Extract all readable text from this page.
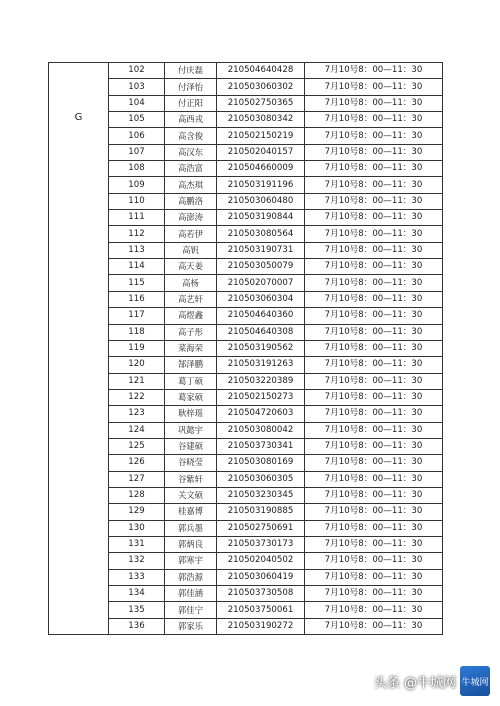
G	102	付庆磊	210504640428	7月10号8：00—11：30
	103	付泽怡	210503060302	7月10号8：00—11：30
	104	付正阳	210502750365	7月10号8：00—11：30
	105	高西戎	210503080342	7月10号8：00—11：30
	106	高含俊	210502150219	7月10号8：00—11：30
	107	高汉东	210502040157	7月10号8：00—11：30
	108	高浩富	210504660009	7月10号8：00—11：30
	109	高杰琪	210503191196	7月10号8：00—11：30
	110	高鹏洛	210503060480	7月10号8：00—11：30
	111	高澎涛	210503190844	7月10号8：00—11：30
	112	高若伊	210503080564	7月10号8：00—11：30
	113	高钒	210503190731	7月10号8：00—11：30
	114	高天姜	210503050079	7月10号8：00—11：30
	115	高杨	210502070007	7月10号8：00—11：30
	116	高艺轩	210503060304	7月10号8：00—11：30
	117	高煜鑫	210504640360	7月10号8：00—11：30
	118	高子彤	210504640308	7月10号8：00—11：30
	119	菜海荣	210503190562	7月10号8：00—11：30
	120	郜泽鹏	210503191263	7月10号8：00—11：30
	121	葛丁硕	210503220389	7月10号8：00—11：30
	122	葛家硕	210502150273	7月10号8：00—11：30
	123	耿梓瑶	210504720603	7月10号8：00—11：30
	124	巩懿宇	210503080042	7月10号8：00—11：30
	125	谷建硕	210503730341	7月10号8：00—11：30
	126	谷晓莹	210503080169	7月10号8：00—11：30
	127	谷紫轩	210503060305	7月10号8：00—11：30
	128	关文硕	210503230345	7月10号8：00—11：30
	129	桂嘉博	210503190885	7月10号8：00—11：30
	130	郭兵墨	210502750691	7月10号8：00—11：30
	131	郭炳良	210503730173	7月10号8：00—11：30
	132	郭寒宇	210502040502	7月10号8：00—11：30
	133	郭浩源	210503060419	7月10号8：00—11：30
	134	郭佳涵	210503730508	7月10号8：00—11：30
	135	郭佳宁	210503750061	7月10号8：00—11：30
	136	郭家乐	210503190272	7月10号8：00—11：30
头条 @牛城网 牛城网
